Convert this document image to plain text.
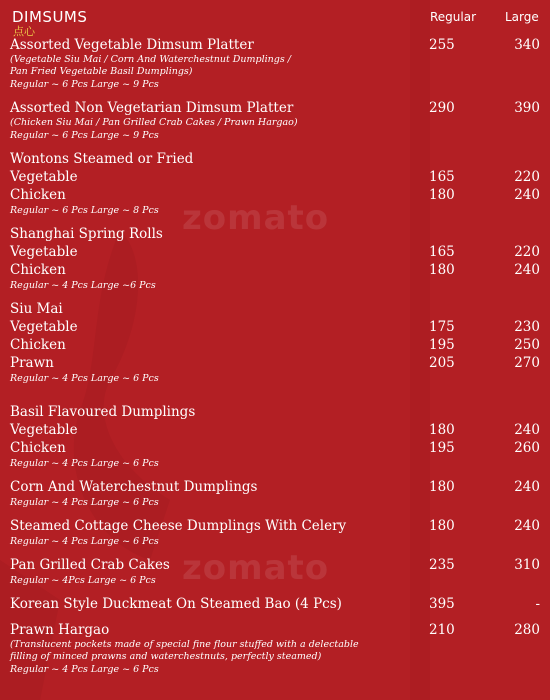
zomato
zomato
DIMSUMS
点心
Regular Large
Assorted Vegetable Dimsum Platter	255	340
(Vegetable Siu Mai / Corn And Waterchestnut Dumplings /
Pan Fried Vegetable Basil Dumplings)
Regular ~ 6 Pcs Large ~ 9 Pcs
Assorted Non Vegetarian Dimsum Platter	290	390
(Chicken Siu Mai / Pan Grilled Crab Cakes / Prawn Hargao)
Regular ~ 6 Pcs Large ~ 9 Pcs
Wontons Steamed or Fried
Vegetable	165	220
Chicken	180	240
Regular ~ 6 Pcs Large ~ 8 Pcs
Shanghai Spring Rolls
Vegetable	165	220
Chicken	180	240
Regular ~ 4 Pcs Large ~6 Pcs
Siu Mai
Vegetable	175	230
Chicken	195	250
Prawn	205	270
Regular ~ 4 Pcs Large ~ 6 Pcs
Basil Flavoured Dumplings
Vegetable	180	240
Chicken	195	260
Regular ~ 4 Pcs Large ~ 6 Pcs
Corn And Waterchestnut Dumplings	180	240
Regular ~ 4 Pcs Large ~ 6 Pcs
Steamed Cottage Cheese Dumplings With Celery	180	240
Regular ~ 4 Pcs Large ~ 6 Pcs
Pan Grilled Crab Cakes	235	310
Regular ~ 4Pcs Large ~ 6 Pcs
Korean Style Duckmeat On Steamed Bao (4 Pcs)	395	-
Prawn Hargao	210	280
(Translucent pockets made of special fine flour stuffed with a delectable
filling of minced prawns and waterchestnuts, perfectly steamed)
Regular ~ 4 Pcs Large ~ 6 Pcs
